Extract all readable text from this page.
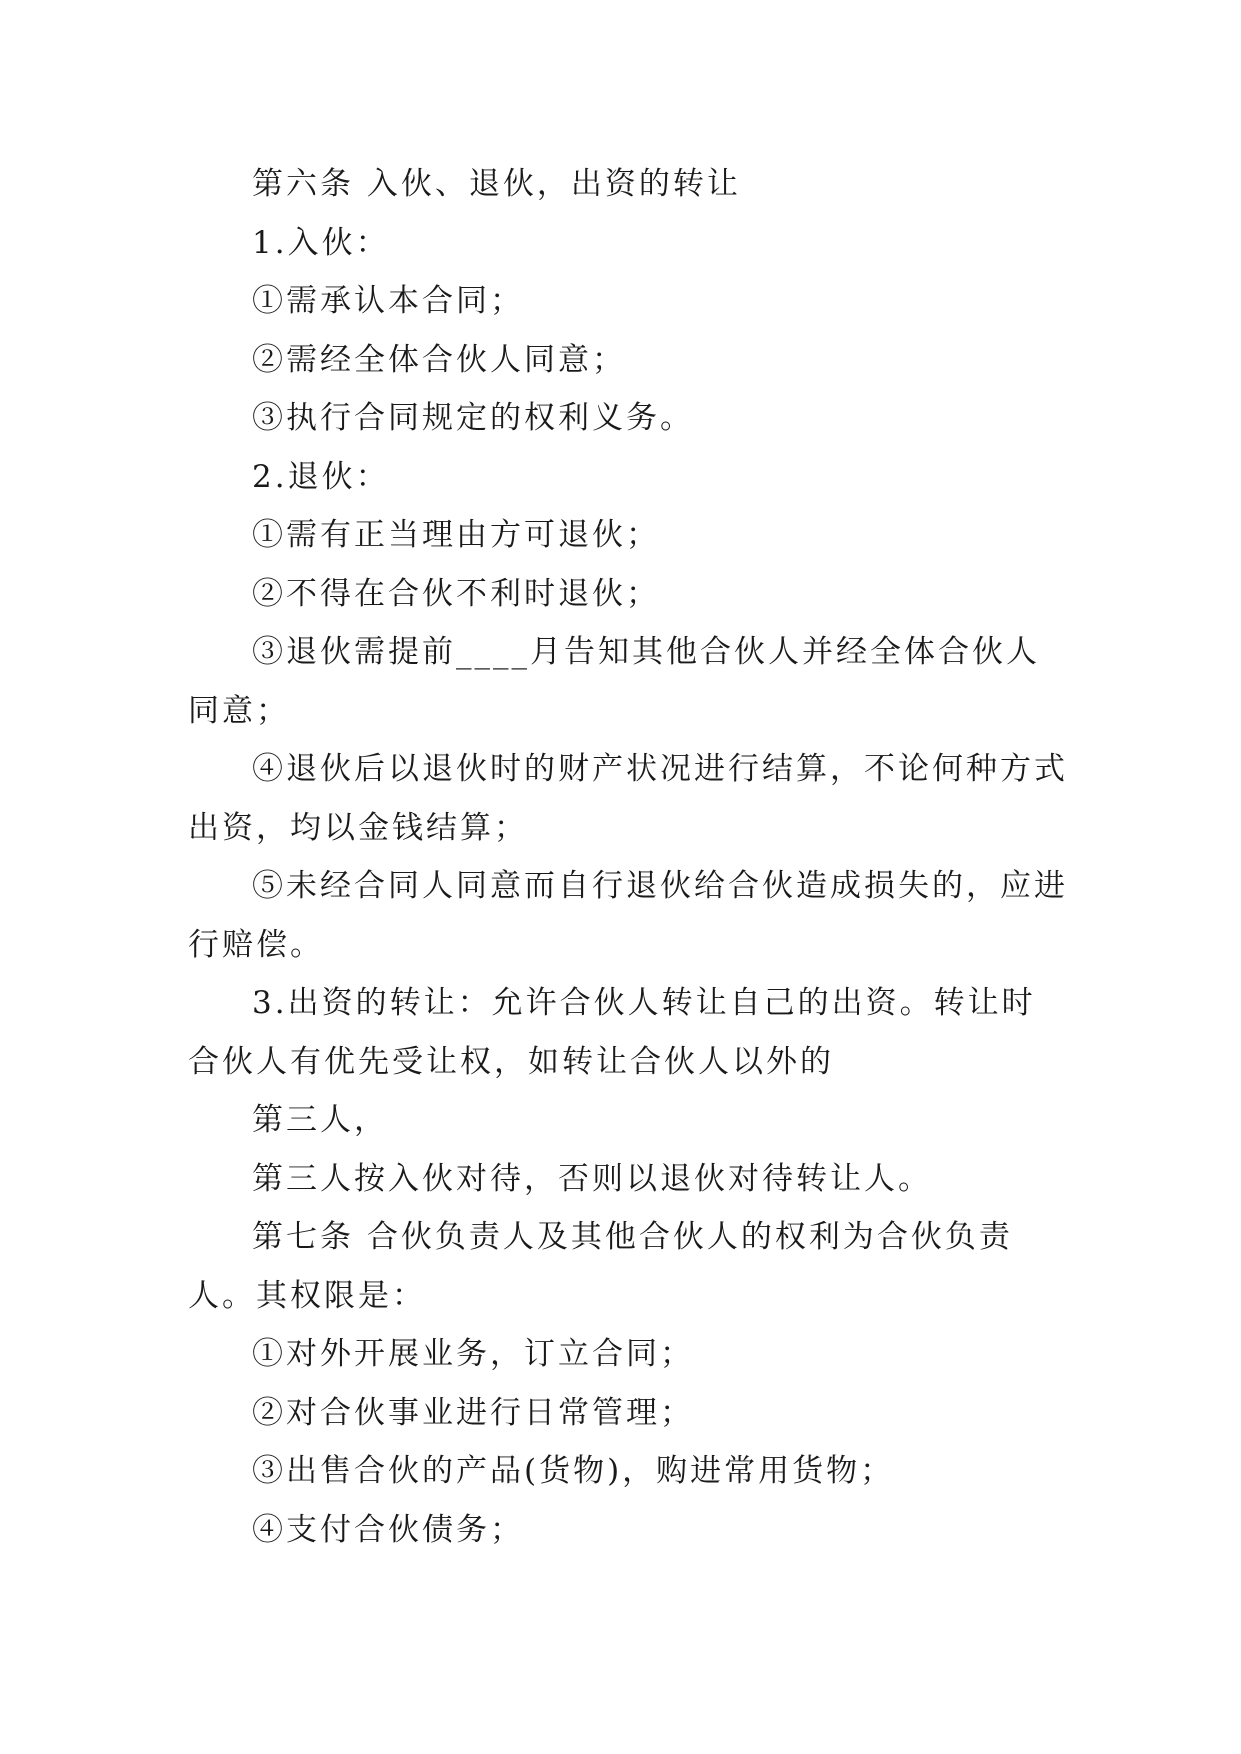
第六条 入伙、退伙，出资的转让

1.入伙：

①需承认本合同；

②需经全体合伙人同意；

③执行合同规定的权利义务。

2.退伙：

①需有正当理由方可退伙；

②不得在合伙不利时退伙；

③退伙需提前____月告知其他合伙人并经全体合伙人同意；

④退伙后以退伙时的财产状况进行结算，不论何种方式出资，均以金钱结算；

⑤未经合同人同意而自行退伙给合伙造成损失的，应进行赔偿。

3.出资的转让：允许合伙人转让自己的出资。转让时合伙人有优先受让权，如转让合伙人以外的

第三人，

第三人按入伙对待，否则以退伙对待转让人。

第七条 合伙负责人及其他合伙人的权利为合伙负责人。其权限是：

①对外开展业务，订立合同；

②对合伙事业进行日常管理；

③出售合伙的产品(货物)，购进常用货物；

④支付合伙债务；
